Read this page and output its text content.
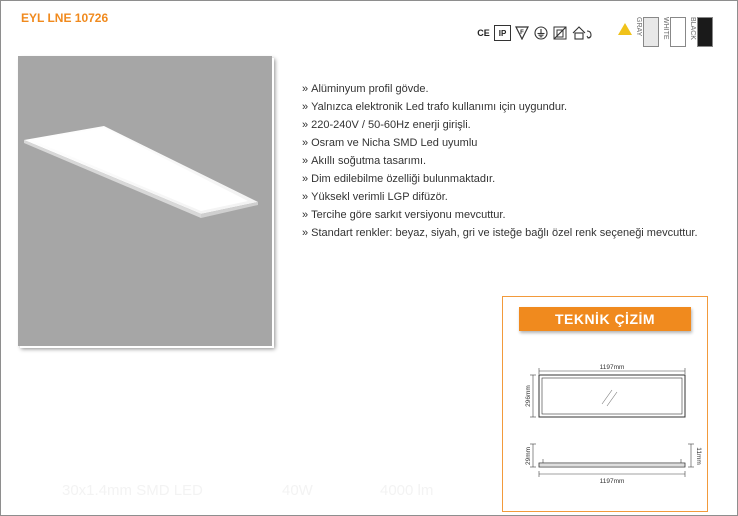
EYL LNE 10726
CE	IP	F	GRAY	WHITE	BLACK
» Alüminyum profil gövde.
» Yalnızca elektronik Led trafo kullanımı için uygundur.
» 220-240V / 50-60Hz enerji girişli.
» Osram ve Nicha SMD Led uyumlu
» Akıllı soğutma tasarımı.
» Dim edilebilme özelliği bulunmaktadır.
» Yüksekl verimli LGP difüzör.
» Tercihe göre sarkıt versiyonu mevcuttur.
» Standart renkler: beyaz, siyah, gri ve isteğe bağlı özel renk seçeneği mevcuttur.
TEKNİK ÇİZİM
1197mm
296mm
29mm	11mm
1197mm
30x1.4mm SMD LED	40W	4000 lm
